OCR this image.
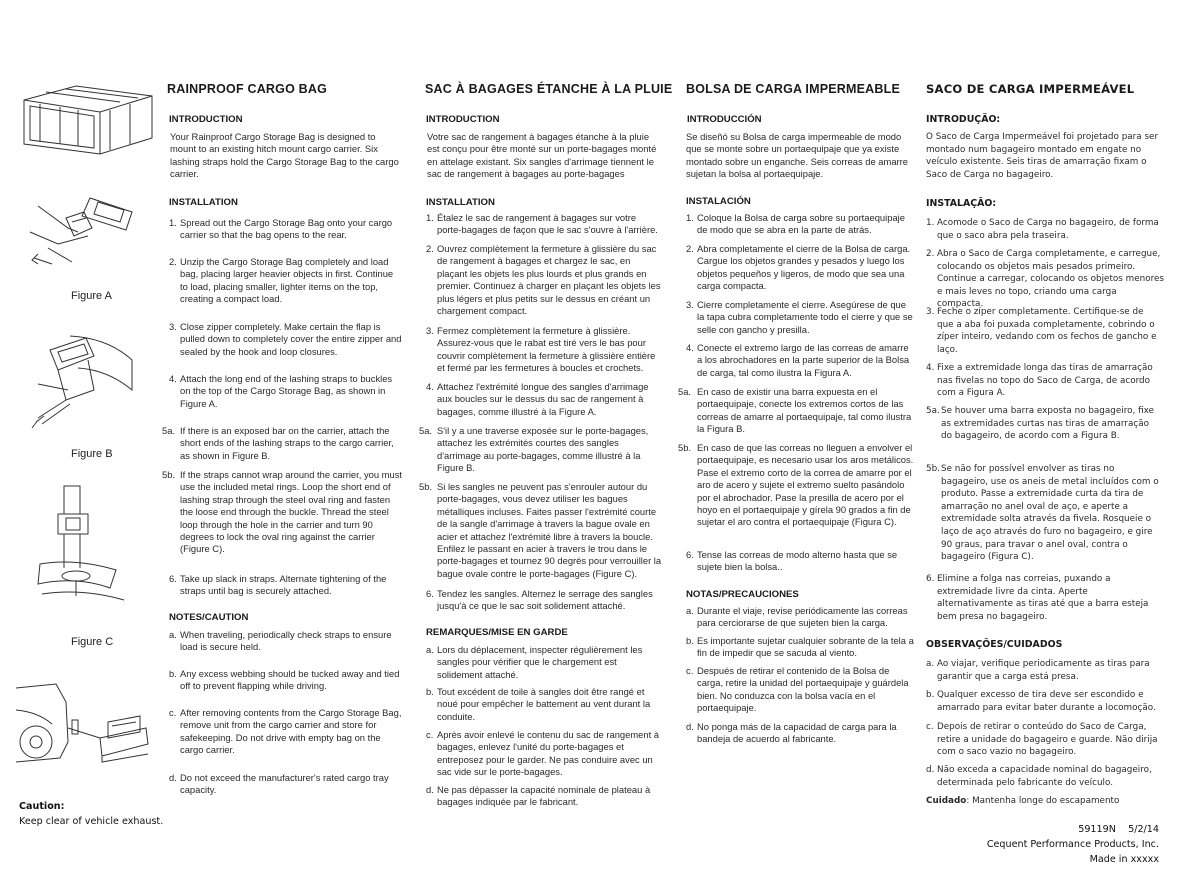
Figure A
Figure B
Figure C
Caution:
Keep clear of vehicle exhaust.
RAINPROOF CARGO BAG
INTRODUCTION
Your Rainproof Cargo Storage Bag is designed to mount to an existing hitch mount cargo carrier. Six lashing straps hold the Cargo Storage Bag to the cargo carrier.
INSTALLATION
1. Spread out the Cargo Storage Bag onto your cargo carrier so that the bag opens to the rear.
2. Unzip the Cargo Storage Bag completely and load bag, placing larger heavier objects in first. Continue to load, placing smaller, lighter items on the top, creating a compact load.
3. Close zipper completely. Make certain the flap is pulled down to completely cover the entire zipper and sealed by the hook and loop closures.
4. Attach the long end of the lashing straps to buckles on the top of the Cargo Storage Bag, as shown in Figure A.
5a. If there is an exposed bar on the carrier, attach the short ends of the lashing straps to the cargo carrier, as shown in Figure B.
5b. If the straps cannot wrap around the carrier, you must use the included metal rings. Loop the short end of lashing strap through the steel oval ring and fasten the loose end through the buckle. Thread the steel loop through the hole in the carrier and turn 90 degrees to lock the oval ring against the carrier (Figure C).
6. Take up slack in straps. Alternate tightening of the straps until bag is securely attached.
NOTES/CAUTION
a. When traveling, periodically check straps to ensure load is secure held.
b. Any excess webbing should be tucked away and tied off to prevent flapping while driving.
c. After removing contents from the Cargo Storage Bag, remove unit from the cargo carrier and store for safekeeping. Do not drive with empty bag on the cargo carrier.
d. Do not exceed the manufacturer's rated cargo tray capacity.
SAC À BAGAGES ÉTANCHE À LA PLUIE
INTRODUCTION
Votre sac de rangement à bagages étanche à la pluie est conçu pour être monté sur un porte-bagages monté en attelage existant. Six sangles d'arrimage tiennent le sac de rangement à bagages au porte-bagages
INSTALLATION
1. Étalez le sac de rangement à bagages sur votre porte-bagages de façon que le sac s'ouvre à l'arrière.
2. Ouvrez complètement la fermeture à glissière du sac de rangement à bagages et chargez le sac, en plaçant les objets les plus lourds et plus grands en premier. Continuez à charger en plaçant les objets les plus légers et plus petits sur le dessus en créant un chargement compact.
3. Fermez complètement la fermeture à glissière. Assurez-vous que le rabat est tiré vers le bas pour couvrir complètement la fermeture à glissière entière et fermé par les fermetures à boucles et crochets.
4. Attachez l'extrémité longue des sangles d'arrimage aux boucles sur le dessus du sac de rangement à bagages, comme illustré à la Figure A.
5a. S'il y a une traverse exposée sur le porte-bagages, attachez les extrémités courtes des sangles d'arrimage au porte-bagages, comme illustré à la Figure B.
5b. Si les sangles ne peuvent pas s'enrouler autour du porte-bagages, vous devez utiliser les bagues métalliques incluses. Faites passer l'extrémité courte de la sangle d'arrimage à travers la bague ovale en acier et attachez l'extrémité libre à travers la boucle. Enfilez le passant en acier à travers le trou dans le porte-bagages et tournez 90 degrés pour verrouiller la bague ovale contre le porte-bagages (Figure C).
6. Tendez les sangles. Alternez le serrage des sangles jusqu'à ce que le sac soit solidement attaché.
REMARQUES/MISE EN GARDE
a. Lors du déplacement, inspecter régulièrement les sangles pour vérifier que le chargement est solidement attaché.
b. Tout excédent de toile à sangles doit être rangé et noué pour empêcher le battement au vent durant la conduite.
c. Après avoir enlevé le contenu du sac de rangement à bagages, enlevez l'unité du porte-bagages et entreposez pour le garder. Ne pas conduire avec un sac vide sur le porte-bagages.
d. Ne pas dépasser la capacité nominale de plateau à bagages indiquée par le fabricant.
BOLSA DE CARGA IMPERMEABLE
INTRODUCCIÓN
Se diseñó su Bolsa de carga impermeable de modo que se monte sobre un portaequipaje que ya existe montado sobre un enganche. Seis correas de amarre sujetan la bolsa al portaequipaje.
INSTALACIÓN
1. Coloque la Bolsa de carga sobre su portaequipaje de modo que se abra en la parte de atrás.
2. Abra completamente el cierre de la Bolsa de carga. Cargue los objetos grandes y pesados y luego los objetos pequeños y ligeros, de modo que sea una carga compacta.
3. Cierre completamente el cierre. Asegúrese de que la tapa cubra completamente todo el cierre y que se selle con gancho y presilla.
4. Conecte el extremo largo de las correas de amarre a los abrochadores en la parte superior de la Bolsa de carga, tal como ilustra la Figura A.
5a. En caso de existir una barra expuesta en el portaequipaje, conecte los extremos cortos de las correas de amarre al portaequipaje, tal como ilustra la Figura B.
5b. En caso de que las correas no lleguen a envolver el portaequipaje, es necesario usar los aros metálicos. Pase el extremo corto de la correa de amarre por el aro de acero y sujete el extremo suelto pasándolo por el abrochador. Pase la presilla de acero por el hoyo en el portaequipaje y gírela 90 grados a fin de sujetar el aro contra el portaequipaje (Figura C).
6. Tense las correas de modo alterno hasta que se sujete bien la bolsa..
NOTAS/PRECAUCIONES
a. Durante el viaje, revise periódicamente las correas para cerciorarse de que sujeten bien la carga.
b. Es importante sujetar cualquier sobrante de la tela a fin de impedir que se sacuda al viento.
c. Después de retirar el contenido de la Bolsa de carga, retire la unidad del portaequipaje y guárdela bien. No conduzca con la bolsa vacía en el portaequipaje.
d. No ponga más de la capacidad de carga para la bandeja de acuerdo al fabricante.
SACO DE CARGA IMPERMEÁVEL
INTRODUÇÃO:
O Saco de Carga Impermeável foi projetado para ser montado num bagageiro montado em engate no veículo existente. Seis tiras de amarração fixam o Saco de Carga no bagageiro.
INSTALAÇÃO:
1. Acomode o Saco de Carga no bagageiro, de forma que o saco abra pela traseira.
2. Abra o Saco de Carga completamente, e carregue, colocando os objetos mais pesados primeiro. Continue a carregar, colocando os objetos menores e mais leves no topo, criando uma carga compacta.
3. Feche o zíper completamente. Certifique-se de que a aba foi puxada completamente, cobrindo o zíper inteiro, vedando com os fechos de gancho e laço.
4. Fixe a extremidade longa das tiras de amarração nas fivelas no topo do Saco de Carga, de acordo com a Figura A.
5a. Se houver uma barra exposta no bagageiro, fixe as extremidades curtas nas tiras de amarração do bagageiro, de acordo com a Figura B.
5b. Se não for possível envolver as tiras no bagageiro, use os aneis de metal incluídos com o produto. Passe a extremidade curta da tira de amarração no anel oval de aço, e aperte a extremidade solta através da fivela. Rosqueie o laço de aço através do furo no bagageiro, e gire 90 graus, para travar o anel oval, contra o bagageiro (Figura C).
6. Elimine a folga nas correias, puxando a extremidade livre da cinta. Aperte alternativamente as tiras até que a barra esteja bem presa no bagageiro.
OBSERVAÇÕES/CUIDADOS
a. Ao viajar, verifique periodicamente as tiras para garantir que a carga está presa.
b. Qualquer excesso de tira deve ser escondido e amarrado para evitar bater durante a locomoção.
c. Depois de retirar o conteúdo do Saco de Carga, retire a unidade do bagageiro e guarde. Não dirija com o saco vazio no bagageiro.
d. Não exceda a capacidade nominal do bagageiro, determinada pelo fabricante do veículo.
Cuidado: Mantenha longe do escapamento
59119N    5/2/14
Cequent Performance Products, Inc.
Made in xxxxx
